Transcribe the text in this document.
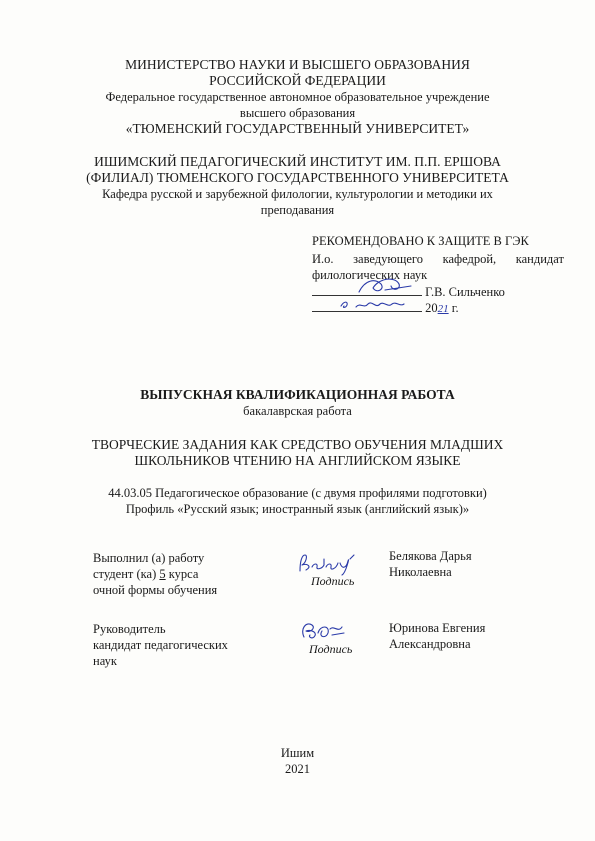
МИНИСТЕРСТВО НАУКИ И ВЫСШЕГО ОБРАЗОВАНИЯ
РОССИЙСКОЙ ФЕДЕРАЦИИ
Федеральное государственное автономное образовательное учреждение
высшего образования
«ТЮМЕНСКИЙ ГОСУДАРСТВЕННЫЙ УНИВЕРСИТЕТ»
ИШИМСКИЙ ПЕДАГОГИЧЕСКИЙ ИНСТИТУТ ИМ. П.П. ЕРШОВА
(ФИЛИАЛ) ТЮМЕНСКОГО ГОСУДАРСТВЕННОГО УНИВЕРСИТЕТА
Кафедра русской и зарубежной филологии, культурологии и методики их
преподавания
РЕКОМЕНДОВАНО К ЗАЩИТЕ В ГЭК
И.о. заведующего кафедрой, кандидат
филологических наук
Г.В. Сильченко
2021 г.
ВЫПУСКНАЯ КВАЛИФИКАЦИОННАЯ РАБОТА
бакалаврская работа
ТВОРЧЕСКИЕ ЗАДАНИЯ КАК СРЕДСТВО ОБУЧЕНИЯ МЛАДШИХ
ШКОЛЬНИКОВ ЧТЕНИЮ НА АНГЛИЙСКОМ ЯЗЫКЕ
44.03.05 Педагогическое образование (с двумя профилями подготовки)
Профиль «Русский язык; иностранный язык (английский язык)»
Выполнил (а) работу
студент (ка) 5 курса
очной формы обучения
Подпись
Белякова Дарья
Николаевна
Руководитель
кандидат педагогических
наук
Подпись
Юринова Евгения
Александровна
Ишим
2021
